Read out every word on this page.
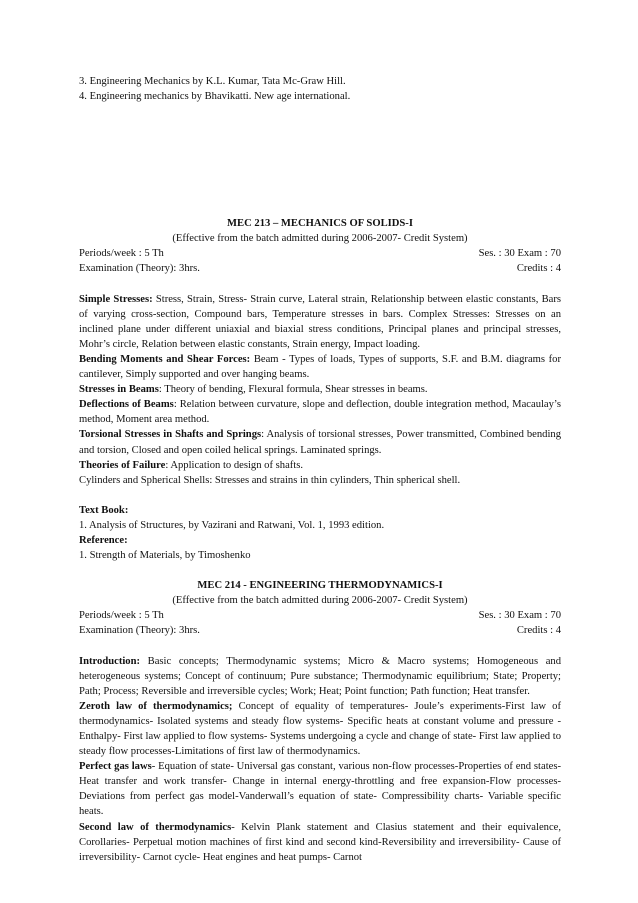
3. Engineering Mechanics by K.L. Kumar, Tata Mc-Graw Hill.
4. Engineering mechanics by Bhavikatti. New age international.
MEC 213 – MECHANICS OF SOLIDS-I
(Effective from the batch admitted during 2006-2007- Credit System)
Periods/week : 5 Th	Ses. : 30 Exam : 70
Examination (Theory): 3hrs.	Credits : 4
Simple Stresses: Stress, Strain, Stress- Strain curve, Lateral strain, Relationship between elastic constants, Bars of varying cross-section, Compound bars, Temperature stresses in bars. Complex Stresses: Stresses on an inclined plane under different uniaxial and biaxial stress conditions, Principal planes and principal stresses, Mohr’s circle, Relation between elastic constants, Strain energy, Impact loading.
Bending Moments and Shear Forces: Beam - Types of loads, Types of supports, S.F. and B.M. diagrams for cantilever, Simply supported and over hanging beams.
Stresses in Beams: Theory of bending, Flexural formula, Shear stresses in beams.
Deflections of Beams: Relation between curvature, slope and deflection, double integration method, Macaulay’s method, Moment area method.
Torsional Stresses in Shafts and Springs: Analysis of torsional stresses, Power transmitted, Combined bending and torsion, Closed and open coiled helical springs. Laminated springs.
Theories of Failure: Application to design of shafts.
Cylinders and Spherical Shells: Stresses and strains in thin cylinders, Thin spherical shell.
Text Book:
1. Analysis of Structures, by Vazirani and Ratwani, Vol. 1, 1993 edition.
Reference:
1. Strength of Materials, by Timoshenko
MEC 214 - ENGINEERING THERMODYNAMICS-I
(Effective from the batch admitted during 2006-2007- Credit System)
Periods/week : 5 Th	Ses. : 30 Exam : 70
Examination (Theory): 3hrs.	Credits : 4
Introduction: Basic concepts; Thermodynamic systems; Micro & Macro systems; Homogeneous and heterogeneous systems; Concept of continuum; Pure substance; Thermodynamic equilibrium; State; Property; Path; Process; Reversible and irreversible cycles; Work; Heat; Point function; Path function; Heat transfer.
Zeroth law of thermodynamics; Concept of equality of temperatures- Joule’s experiments-First law of thermodynamics- Isolated systems and steady flow systems- Specific heats at constant volume and pressure - Enthalpy- First law applied to flow systems- Systems undergoing a cycle and change of state- First law applied to steady flow processes-Limitations of first law of thermodynamics.
Perfect gas laws- Equation of state- Universal gas constant, various non-flow processes-Properties of end states- Heat transfer and work transfer- Change in internal energy-throttling and free expansion-Flow processes- Deviations from perfect gas model-Vanderwall’s equation of state- Compressibility charts- Variable specific heats.
Second law of thermodynamics- Kelvin Plank statement and Clasius statement and their equivalence, Corollaries- Perpetual motion machines of first kind and second kind-Reversibility and irreversibility- Cause of irreversibility- Carnot cycle- Heat engines and heat pumps- Carnot
